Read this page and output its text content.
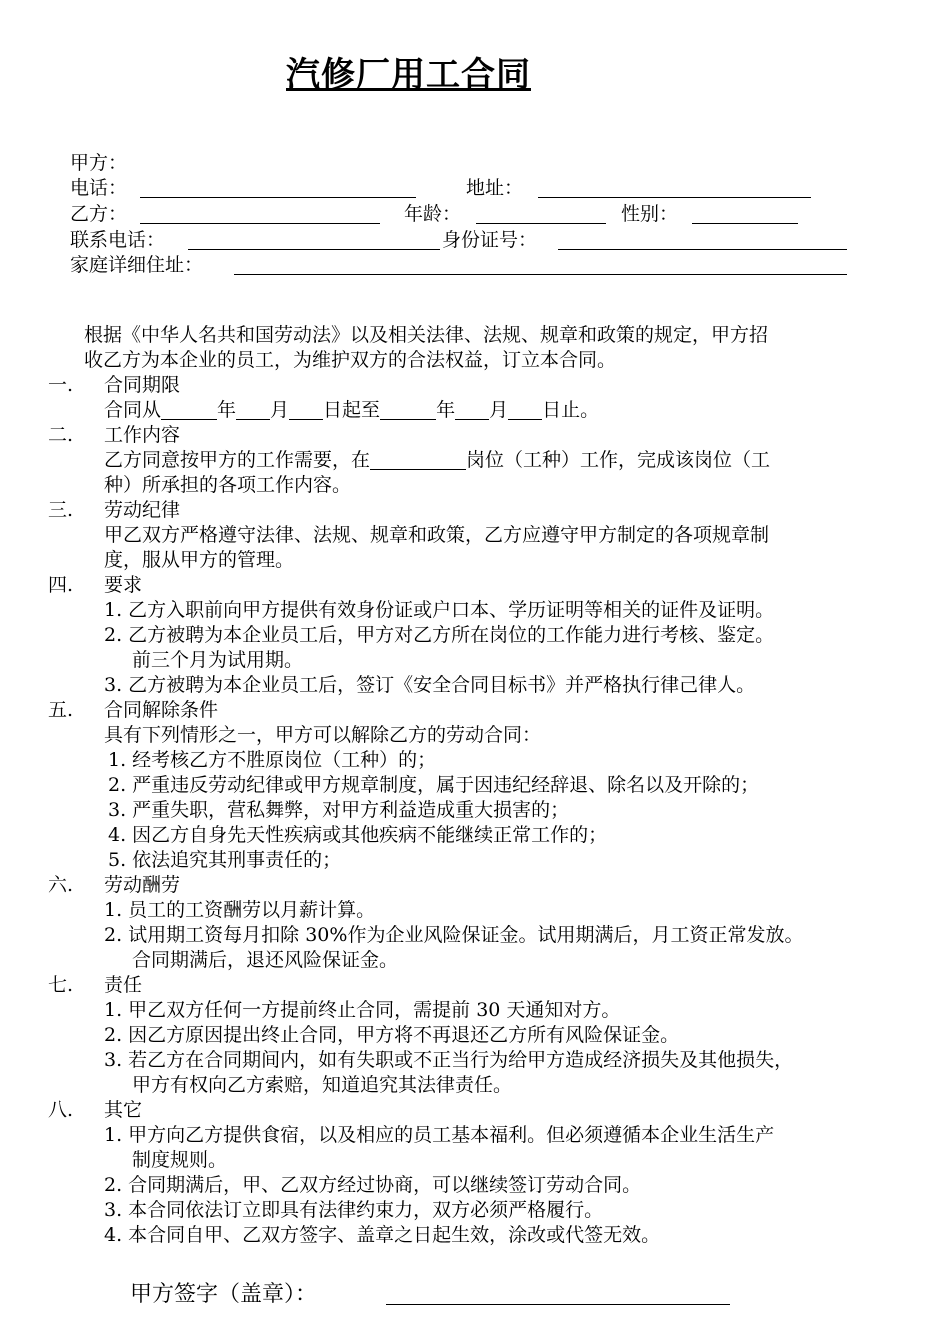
汽修厂用工合同
甲方：
电话：	地址：
乙方：	年龄：	性别：
联系电话：	身份证号：
家庭详细住址：
根据《中华人名共和国劳动法》以及相关法律、法规、规章和政策的规定，甲方招
收乙方为本企业的员工，为维护双方的合法权益，订立本合同。
一. 合同期限
合同从	年 月 日起至	年 月 日止。
二. 工作内容
乙方同意按甲方的工作需要，在	岗位（工种）工作，完成该岗位（工
种）所承担的各项工作内容。
三. 劳动纪律
甲乙双方严格遵守法律、法规、规章和政策，乙方应遵守甲方制定的各项规章制
度，服从甲方的管理。
四. 要求
1. 乙方入职前向甲方提供有效身份证或户口本、学历证明等相关的证件及证明。
2. 乙方被聘为本企业员工后，甲方对乙方所在岗位的工作能力进行考核、鉴定。
前三个月为试用期。
3. 乙方被聘为本企业员工后，签订《安全合同目标书》并严格执行律己律人。
五. 合同解除条件
具有下列情形之一，甲方可以解除乙方的劳动合同：
1. 经考核乙方不胜原岗位（工种）的；
2. 严重违反劳动纪律或甲方规章制度，属于因违纪经辞退、除名以及开除的；
3. 严重失职，营私舞弊，对甲方利益造成重大损害的；
4. 因乙方自身先天性疾病或其他疾病不能继续正常工作的；
5. 依法追究其刑事责任的；
六. 劳动酬劳
1. 员工的工资酬劳以月薪计算。
2. 试用期工资每月扣除 30%作为企业风险保证金。试用期满后，月工资正常发放。
合同期满后，退还风险保证金。
七. 责任
1. 甲乙双方任何一方提前终止合同，需提前 30 天通知对方。
2. 因乙方原因提出终止合同，甲方将不再退还乙方所有风险保证金。
3. 若乙方在合同期间内，如有失职或不正当行为给甲方造成经济损失及其他损失，
甲方有权向乙方索赔，知道追究其法律责任。
八. 其它
1. 甲方向乙方提供食宿，以及相应的员工基本福利。但必须遵循本企业生活生产
制度规则。
2. 合同期满后，甲、乙双方经过协商，可以继续签订劳动合同。
3. 本合同依法订立即具有法律约束力，双方必须严格履行。
4. 本合同自甲、乙双方签字、盖章之日起生效，涂改或代签无效。
甲方签字（盖章）：
